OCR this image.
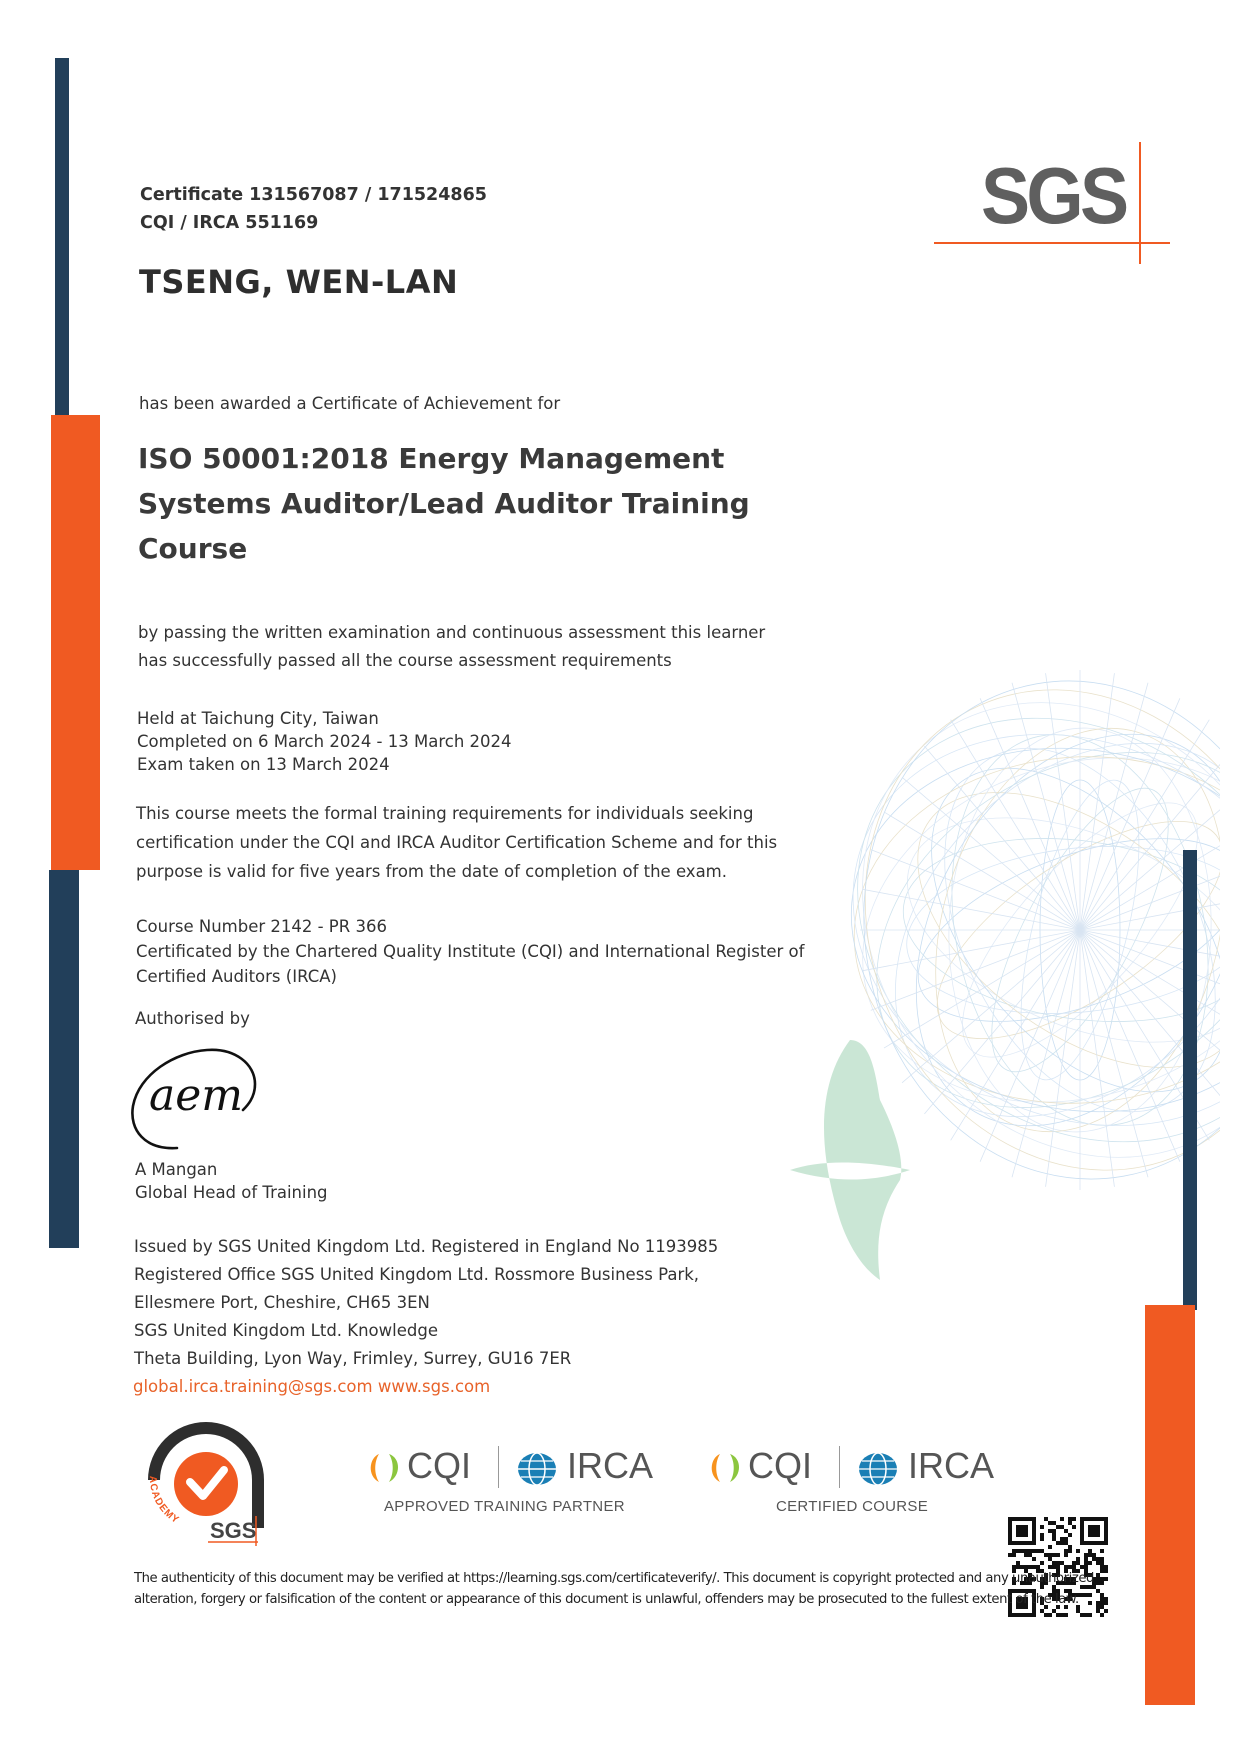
SGS
Certificate 131567087 / 171524865
CQI / IRCA 551169
TSENG, WEN-LAN
has been awarded a Certificate of Achievement for
ISO 50001:2018 Energy Management Systems Auditor/Lead Auditor Training Course
by passing the written examination and continuous assessment this learner
has successfully passed all the course assessment requirements
Held at Taichung City, Taiwan
Completed on 6 March 2024 - 13 March 2024
Exam taken on 13 March 2024
This course meets the formal training requirements for individuals seeking
certification under the CQI and IRCA Auditor Certification Scheme and for this
purpose is valid for five years from the date of completion of the exam.
Course Number 2142 - PR 366
Certificated by the Chartered Quality Institute (CQI) and International Register of
Certified Auditors (IRCA)
Authorised by
aem
A Mangan
Global Head of Training
Issued by SGS United Kingdom Ltd. Registered in England No 1193985
Registered Office SGS United Kingdom Ltd. Rossmore Business Park,
Ellesmere Port, Cheshire, CH65 3EN
SGS United Kingdom Ltd. Knowledge
Theta Building, Lyon Way, Frimley, Surrey, GU16 7ER
global.irca.training@sgs.com www.sgs.com
ACADEMY SGS
CQI	IRCA
APPROVED TRAINING PARTNER
CQI	IRCA
CERTIFIED COURSE
The authenticity of this document may be verified at https://learning.sgs.com/certificateverify/. This document is copyright protected and any unauthorized
alteration, forgery or falsification of the content or appearance of this document is unlawful, offenders may be prosecuted to the fullest extent of the law.
